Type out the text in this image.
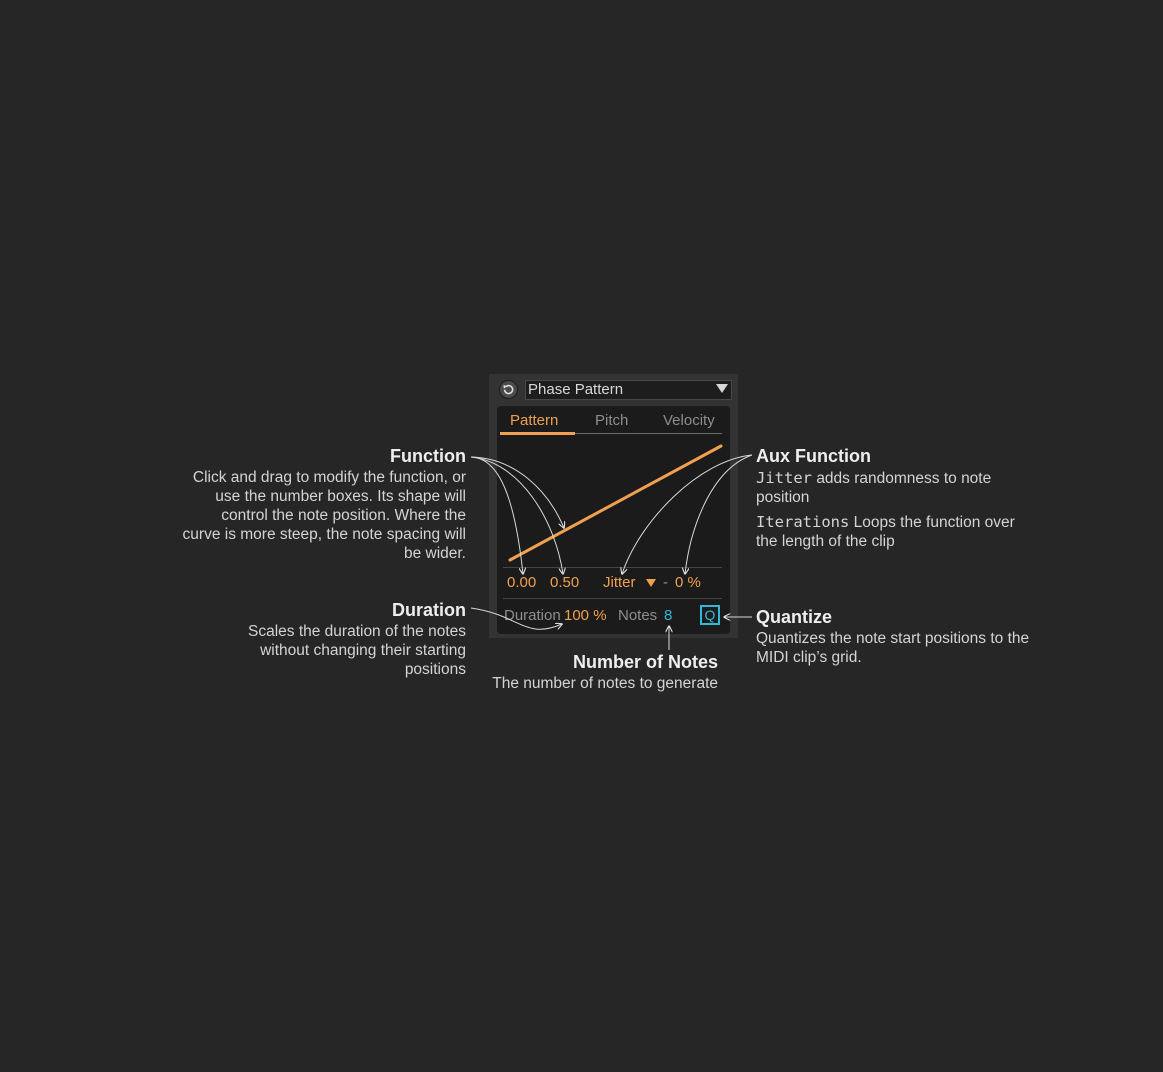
Phase Pattern
Pattern Pitch Velocity
0.00 0.50 Jitter - 0 %
Duration 100 % Notes 8	Q
Function
Click and drag to modify the function, or use the number boxes. Its shape will control the note position. Where the curve is more steep, the note spacing will be wider.
Duration
Scales the duration of the notes without changing their starting positions
Aux Function
Jitter adds randomness to note position
Iterations Loops the function over the length of the clip
Quantize
Quantizes the note start positions to the MIDI clip’s grid.
Number of Notes
The number of notes to generate
